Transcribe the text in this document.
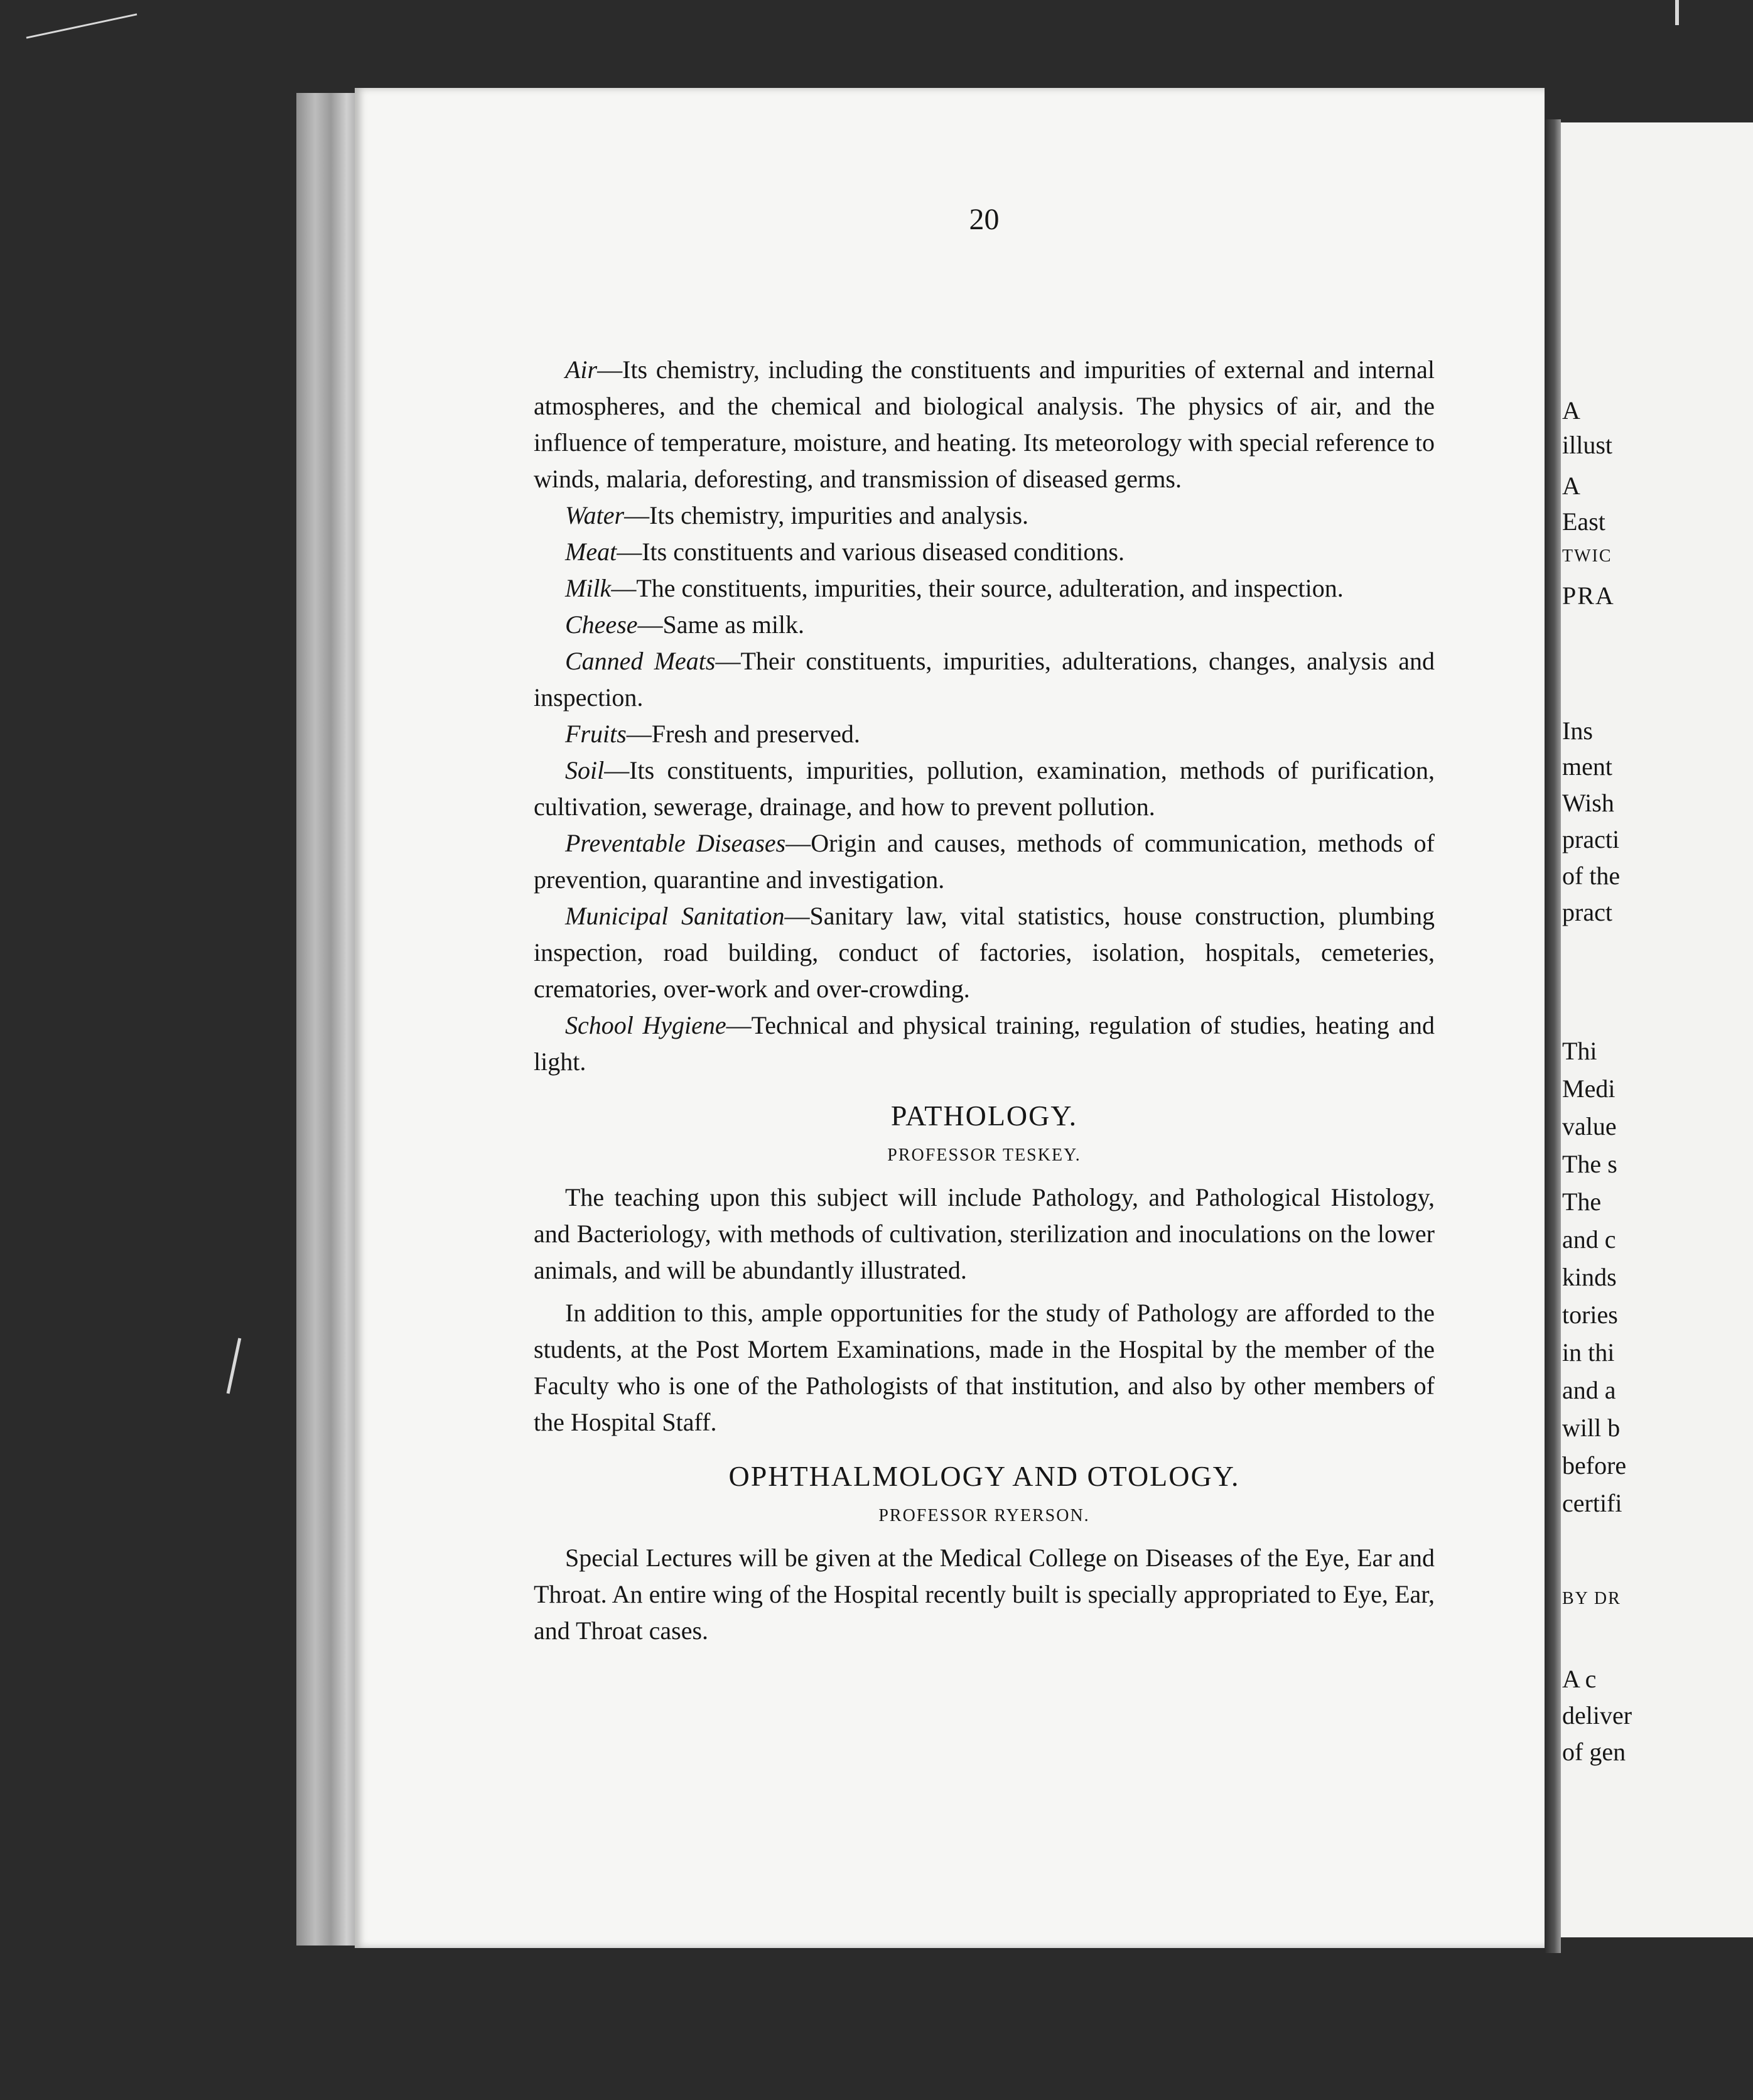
20

Air—Its chemistry, including the constituents and impurities of external and internal atmospheres, and the chemical and biological analysis. The physics of air, and the influence of temperature, moisture, and heating. Its meteorology with special reference to winds, malaria, deforesting, and transmission of diseased germs.

Water—Its chemistry, impurities and analysis.

Meat—Its constituents and various diseased conditions.

Milk—The constituents, impurities, their source, adulteration, and inspection.

Cheese—Same as milk.

Canned Meats—Their constituents, impurities, adulterations, changes, analysis and inspection.

Fruits—Fresh and preserved.

Soil—Its constituents, impurities, pollution, examination, methods of purification, cultivation, sewerage, drainage, and how to prevent pollution.

Preventable Diseases—Origin and causes, methods of communication, methods of prevention, quarantine and investigation.

Municipal Sanitation—Sanitary law, vital statistics, house construction, plumbing inspection, road building, conduct of factories, isolation, hospitals, cemeteries, crematories, over-work and over-crowding.

School Hygiene—Technical and physical training, regulation of studies, heating and light.

PATHOLOGY.
PROFESSOR TESKEY.

The teaching upon this subject will include Pathology, and Pathological Histology, and Bacteriology, with methods of cultivation, sterilization and inoculations on the lower animals, and will be abundantly illustrated.

In addition to this, ample opportunities for the study of Pathology are afforded to the students, at the Post Mortem Examinations, made in the Hospital by the member of the Faculty who is one of the Pathologists of that institution, and also by other members of the Hospital Staff.

OPHTHALMOLOGY AND OTOLOGY.
PROFESSOR RYERSON.

Special Lectures will be given at the Medical College on Diseases of the Eye, Ear and Throat. An entire wing of the Hospital recently built is specially appropriated to Eye, Ear, and Throat cases.

A
illust
A
East
TWIC
PRA
Ins
ment
Wish
practi
of the
pract
Thi
Medi
value
The s
The
and c
kinds
tories
in thi
and a
will b
before
certifi
BY DR
A c
deliver
of gen
